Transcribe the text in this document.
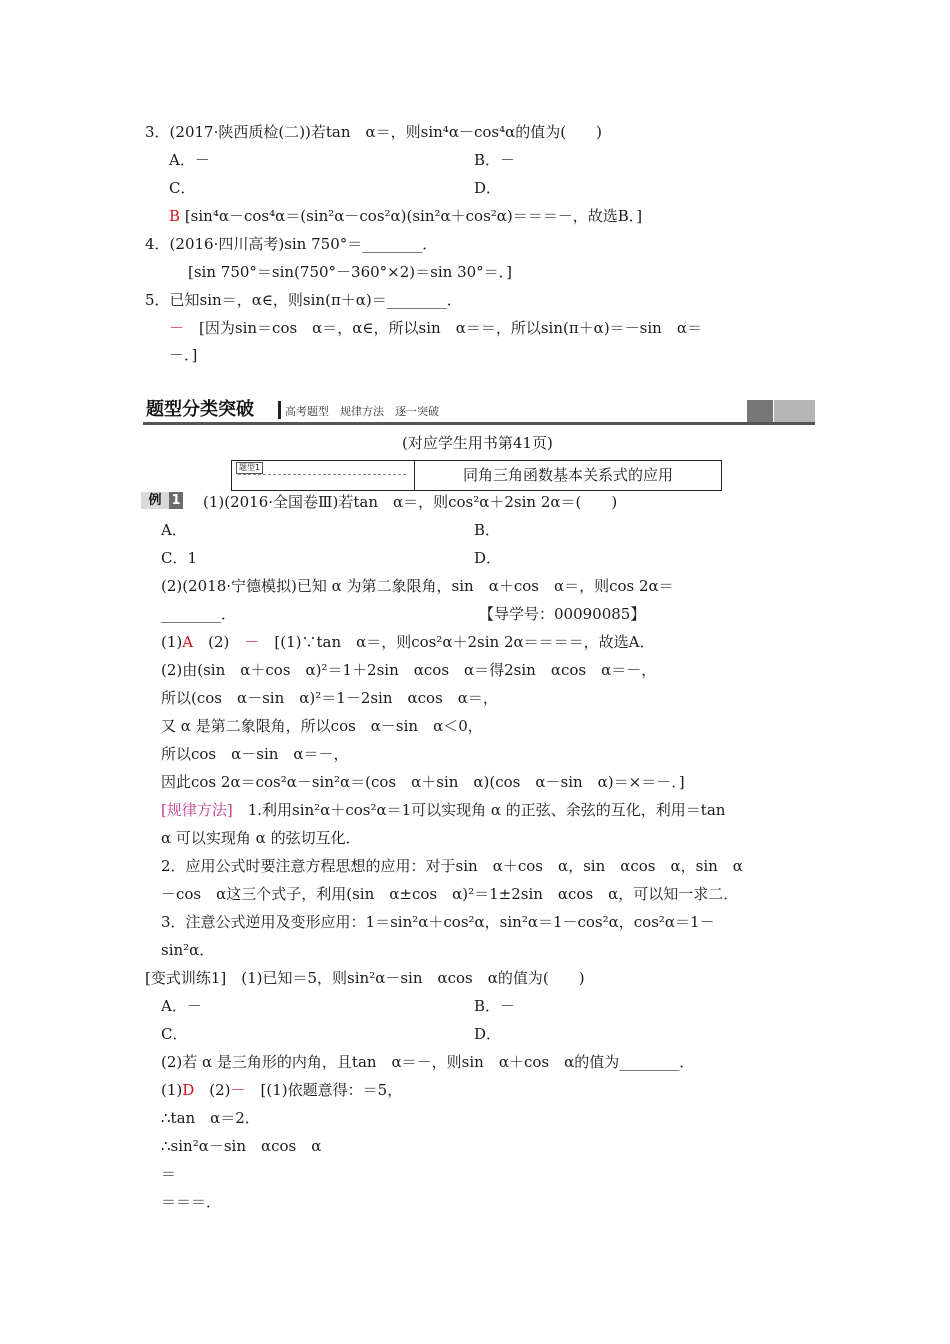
3．(2017·陕西质检(二))若tan　α＝，则sin⁴α－cos⁴α的值为(　　)
A．－	B．－
C．	D．
B [sin⁴α－cos⁴α＝(sin²α－cos²α)(sin²α＋cos²α)＝＝＝－，故选B．]
4．(2016·四川高考)sin 750°＝________．
[sin 750°＝sin(750°－360°×2)＝sin 30°＝．]
5．已知sin＝，α∈，则sin(π＋α)＝________．
－　 [因为sin＝cos　α＝，α∈，所以sin　α＝＝，所以sin(π＋α)＝－sin　α＝
－．]
题型分类突破	高考题型　规律方法　逐一突破
(对应学生用书第41页)
题型1	同角三角函数基本关系式的应用
例 1 (1)(2016·全国卷Ⅲ)若tan　α＝，则cos²α＋2sin 2α＝(　　)
A．	B．
C．1	D．
(2)(2018·宁德模拟)已知 α 为第二象限角，sin　α＋cos　α＝，则cos 2α＝
________．	【导学号：00090085】
(1)A　(2)　 －　[(1)∵tan　α＝，则cos²α＋2sin 2α＝＝＝＝，故选A．
(2)由(sin　α＋cos　α)²＝1＋2sin　αcos　α＝得2sin　αcos　α＝－，
所以(cos　α－sin　α)²＝1－2sin　αcos　α＝，
又 α 是第二象限角，所以cos　α－sin　α＜0，
所以cos　α－sin　α＝－，
因此cos 2α＝cos²α－sin²α＝(cos　α＋sin　α)(cos　α－sin　α)＝×＝－．]
[规律方法]　1.利用sin²α＋cos²α＝1可以实现角 α 的正弦、余弦的互化，利用＝tan
α 可以实现角 α 的弦切互化．
2．应用公式时要注意方程思想的应用：对于sin　α＋cos　α，sin　αcos　α，sin　α
－cos　α这三个式子，利用(sin　α±cos　α)²＝1±2sin　αcos　α，可以知一求二．
3．注意公式逆用及变形应用：1＝sin²α＋cos²α，sin²α＝1－cos²α，cos²α＝1－
sin²α．
[变式训练1]　(1)已知＝5，则sin²α－sin　αcos　α的值为(　　)
A．－	B．－
C．	D．
(2)若 α 是三角形的内角，且tan　α＝－，则sin　α＋cos　α的值为________．
(1)D　(2)－　[(1)依题意得：＝5，
∴tan　α＝2．
∴sin²α－sin　αcos　α
＝
＝＝＝．
